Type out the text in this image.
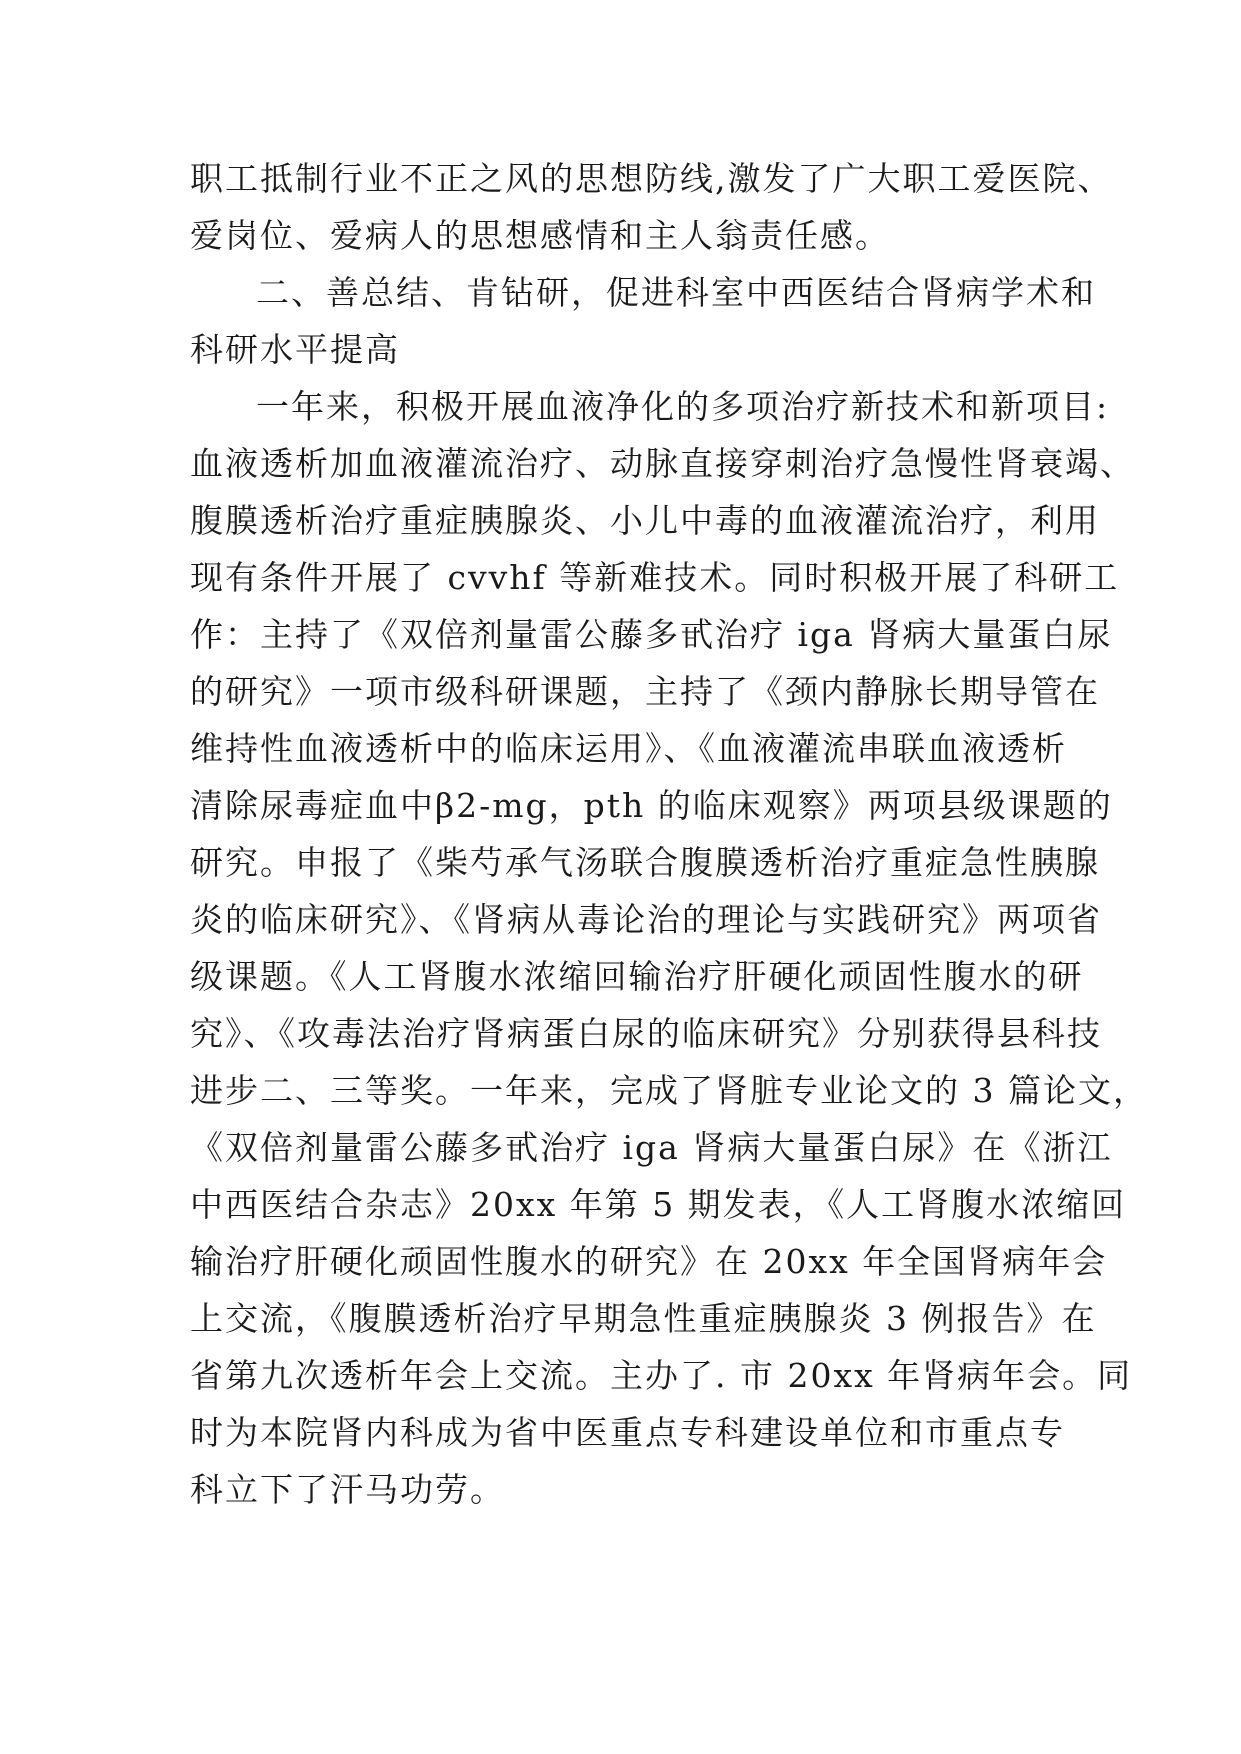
职工抵制行业不正之风的思想防线,激发了广大职工爱医院、
爱岗位、爱病人的思想感情和主人翁责任感。
二、善总结、肯钻研，促进科室中西医结合肾病学术和
科研水平提高
一年来，积极开展血液净化的多项治疗新技术和新项目:
血液透析加血液灌流治疗、动脉直接穿刺治疗急慢性肾衰竭、
腹膜透析治疗重症胰腺炎、小儿中毒的血液灌流治疗，利用
现有条件开展了 cvvhf 等新难技术。同时积极开展了科研工
作：主持了《双倍剂量雷公藤多甙治疗 iga 肾病大量蛋白尿
的研究》一项市级科研课题，主持了《颈内静脉长期导管在
维持性血液透析中的临床运用》、《血液灌流串联血液透析
清除尿毒症血中β2-mg，pth 的临床观察》两项县级课题的
研究。申报了《柴芍承气汤联合腹膜透析治疗重症急性胰腺
炎的临床研究》、《肾病从毒论治的理论与实践研究》两项省
级课题。《人工肾腹水浓缩回输治疗肝硬化顽固性腹水的研
究》、《攻毒法治疗肾病蛋白尿的临床研究》分别获得县科技
进步二、三等奖。一年来，完成了肾脏专业论文的 3 篇论文，
《双倍剂量雷公藤多甙治疗 iga 肾病大量蛋白尿》在《浙江
中西医结合杂志》20xx 年第 5 期发表，《人工肾腹水浓缩回
输治疗肝硬化顽固性腹水的研究》在 20xx 年全国肾病年会
上交流，《腹膜透析治疗早期急性重症胰腺炎 3 例报告》在
省第九次透析年会上交流。主办了. 市 20xx 年肾病年会。同
时为本院肾内科成为省中医重点专科建设单位和市重点专
科立下了汗马功劳。
